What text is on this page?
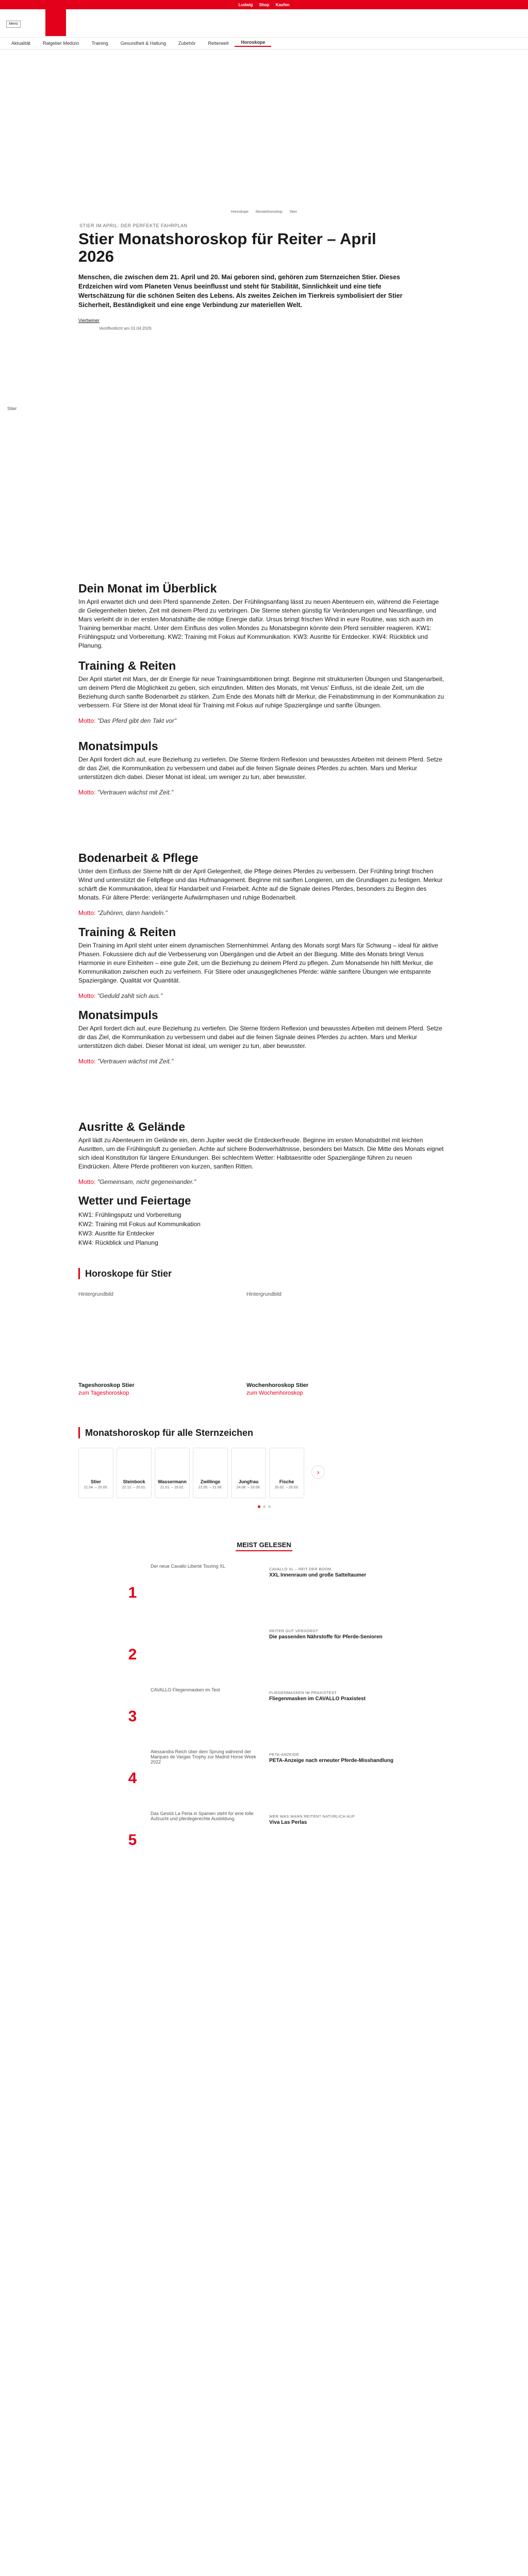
Ludwig Shop Kaufen
Menü
Aktualität	Ratgeber Medizin	Training	Gesundheit & Haltung	Zubehör	Reiterwelt	Horoskope
Horoskope Monatshoroskop Stier
STIER IM APRIL: DER PERFEKTE FAHRPLAN
Stier Monatshoroskop für Reiter – April 2026

Menschen, die zwischen dem 21. April und 20. Mai geboren sind, gehören zum Sternzeichen Stier. Dieses Erdzeichen wird vom Planeten Venus beeinflusst und steht für Stabilität, Sinnlichkeit und eine tiefe Wertschätzung für die schönen Seiten des Lebens. Als zweites Zeichen im Tierkreis symbolisiert der Stier Sicherheit, Beständigkeit und eine enge Verbindung zur materiellen Welt.

Vierbeiner
Veröffentlicht am 01.04.2026
Dein Monat im Überblick

Im April erwartet dich und dein Pferd spannende Zeiten. Der Frühlingsanfang lässt zu neuen Abenteuern ein, während die Feiertage dir Gelegenheiten bieten, Zeit mit deinem Pferd zu verbringen. Die Sterne stehen günstig für Veränderungen und Neuanfänge, und Mars verleiht dir in der ersten Monatshälfte die nötige Energie dafür. Ursus bringt frischen Wind in eure Routine, was sich auch im Training bemerkbar macht. Unter dem Einfluss des vollen Mondes zu Monatsbeginn könnte dein Pferd sensibler reagieren. KW1: Frühlingsputz und Vorbereitung. KW2: Training mit Fokus auf Kommunikation. KW3: Ausritte für Entdecker. KW4: Rückblick und Planung.

Training & Reiten

Der April startet mit Mars, der dir Energie für neue Trainingsambitionen bringt. Beginne mit strukturierten Übungen und Stangenarbeit, um deinem Pferd die Möglichkeit zu geben, sich einzufinden. Mitten des Monats, mit Venus' Einfluss, ist die ideale Zeit, um die Beziehung durch sanfte Bodenarbeit zu stärken. Zum Ende des Monats hilft dir Merkur, die Feinabstimmung in der Kommunikation zu verbessern. Für Stiere ist der Monat ideal für Training mit Fokus auf ruhige Spaziergänge und sanfte Übungen.

Motto: "Das Pferd gibt den Takt vor"
Monatsimpuls

Der April fordert dich auf, eure Beziehung zu vertiefen. Die Sterne fördern Reflexion und bewusstes Arbeiten mit deinem Pferd. Setze dir das Ziel, die Kommunikation zu verbessern und dabei auf die feinen Signale deines Pferdes zu achten. Mars und Merkur unterstützen dich dabei. Dieser Monat ist ideal, um weniger zu tun, aber bewusster.

Motto: "Vertrauen wächst mit Zeit."
Bodenarbeit & Pflege

Unter dem Einfluss der Sterne hilft dir der April Gelegenheit, die Pflege deines Pferdes zu verbessern. Der Frühling bringt frischen Wind und unterstützt die Fellpflege und das Hufmanagement. Beginne mit sanften Longieren, um die Grundlagen zu festigen. Merkur schärft die Kommunikation, ideal für Handarbeit und Freiarbeit. Achte auf die Signale deines Pferdes, besonders zu Beginn des Monats. Für ältere Pferde: verlängerte Aufwärmphasen und ruhige Bodenarbeit.

Motto: "Zuhören, dann handeln."
Training & Reiten

Dein Training im April steht unter einem dynamischen Sternenhimmel. Anfang des Monats sorgt Mars für Schwung – ideal für aktive Phasen. Fokussiere dich auf die Verbesserung von Übergängen und die Arbeit an der Biegung. Mitte des Monats bringt Venus Harmonie in eure Einheiten – eine gute Zeit, um die Beziehung zu deinem Pferd zu pflegen. Zum Monatsende hin hilft Merkur, die Kommunikation zwischen euch zu verfeinern. Für Stiere oder unausgeglichenes Pferde: wähle sanftere Übungen wie entspannte Spaziergänge. Qualität vor Quantität.

Motto: "Geduld zahlt sich aus."
Monatsimpuls

Der April fordert dich auf, eure Beziehung zu vertiefen. Die Sterne fördern Reflexion und bewusstes Arbeiten mit deinem Pferd. Setze dir das Ziel, die Kommunikation zu verbessern und dabei auf die feinen Signale deines Pferdes zu achten. Mars und Merkur unterstützen dich dabei. Dieser Monat ist ideal, um weniger zu tun, aber bewusster.

Motto: "Vertrauen wächst mit Zeit."
Ausritte & Gelände

April lädt zu Abenteuern im Gelände ein, denn Jupiter weckt die Entdeckerfreude. Beginne im ersten Monatsdrittel mit leichten Ausritten, um die Frühlingsluft zu genießen. Achte auf sichere Bodenverhältnisse, besonders bei Matsch. Die Mitte des Monats eignet sich ideal Konstitution für längere Erkundungen. Bei schlechtem Wetter: Halbtaesritte oder Spaziergänge führen zu neuen Eindrücken. Ältere Pferde profitieren von kurzen, sanften Ritten.

Motto: "Gemeinsam, nicht gegeneinander."
Wetter und Feiertage
KW1: Frühlingsputz und Vorbereitung
KW2: Training mit Fokus auf Kommunikation
KW3: Ausritte für Entdecker
KW4: Rückblick und Planung
Horoskope für Stier
Hintergrundbild
Tageshoroskop Stier
zum Tageshoroskop
Hintergrundbild
Wochenhoroskop Stier
zum Wochenhoroskop
Monatshoroskop für alle Sternzeichen
Stier
21.04. – 20.05.
Steinbock
22.12. – 20.01.
Wassermann
21.01. – 19.02.
Zwillinge
21.05. – 21.06.
Jungfrau
24.08. – 23.09.
Fische
20.02. – 20.03.
›
MEIST GELESEN
1
Der neue Cavallo Liberté Touring XL
CAVALLO XL – REIT DER BOOM
XXL Innenraum und große Satteltaumer
2
REITER GUT VERSORGT
Die passenden Nährstoffe für Pferde-Senioren
3
CAVALLO Fliegenmasken im Test
FLIEGENMASKEN IM PRAXISTEST
Fliegenmasken im CAVALLO Praxistest
4
Alessandra Reich über dem Sprung während der Marques de Vargas Trophy zur Madrid Horse Week 2022
PETA-ANZEIGE
PETA-Anzeige nach erneuter Pferde-Misshandlung
5
Das Gestüt La Perla in Spanien steht für eine tolle Aufzucht und pferdegerechte Ausbildung.	WER WAS WANN REITEN? NATÜRLICH AUF
Viva Las Perlas
Stier
